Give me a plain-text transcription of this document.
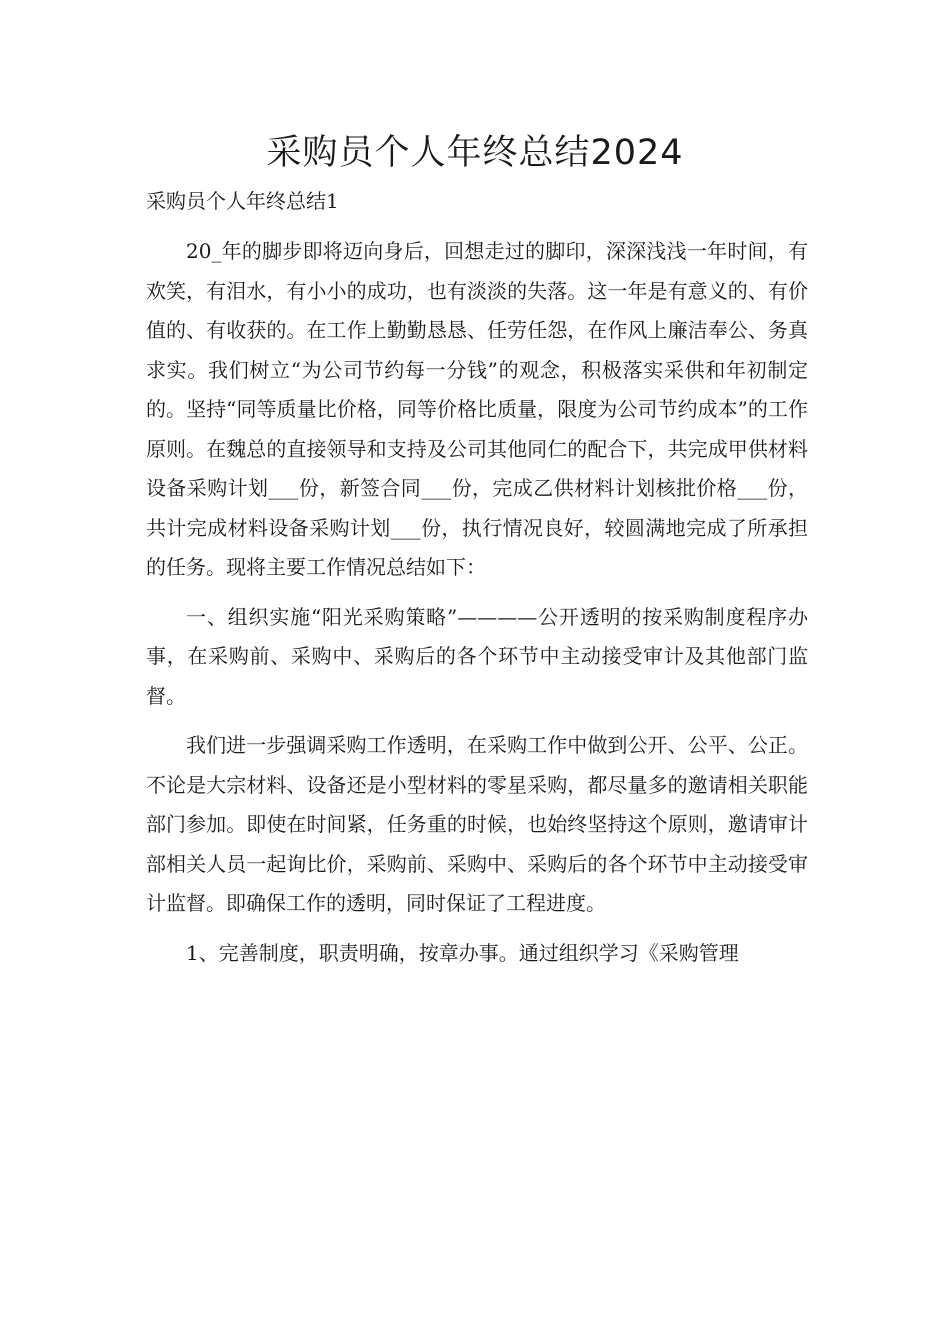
采购员个人年终总结2024

采购员个人年终总结1

20_年的脚步即将迈向身后，回想走过的脚印，深深浅浅一年时间，有欢笑，有泪水，有小小的成功，也有淡淡的失落。这一年是有意义的、有价值的、有收获的。在工作上勤勤恳恳、任劳任怨，在作风上廉洁奉公、务真求实。我们树立“为公司节约每一分钱”的观念，积极落实采供和年初制定的。坚持“同等质量比价格，同等价格比质量，限度为公司节约成本”的工作原则。在魏总的直接领导和支持及公司其他同仁的配合下，共完成甲供材料设备采购计划___份，新签合同___份，完成乙供材料计划核批价格___份，共计完成材料设备采购计划___份，执行情况良好，较圆满地完成了所承担的任务。现将主要工作情况总结如下：

一、组织实施“阳光采购策略”————公开透明的按采购制度程序办事，在采购前、采购中、采购后的各个环节中主动接受审计及其他部门监督。

我们进一步强调采购工作透明，在采购工作中做到公开、公平、公正。不论是大宗材料、设备还是小型材料的零星采购，都尽量多的邀请相关职能部门参加。即使在时间紧，任务重的时候，也始终坚持这个原则，邀请审计部相关人员一起询比价，采购前、采购中、采购后的各个环节中主动接受审计监督。即确保工作的透明，同时保证了工程进度。

1、完善制度，职责明确，按章办事。通过组织学习《采购管理
